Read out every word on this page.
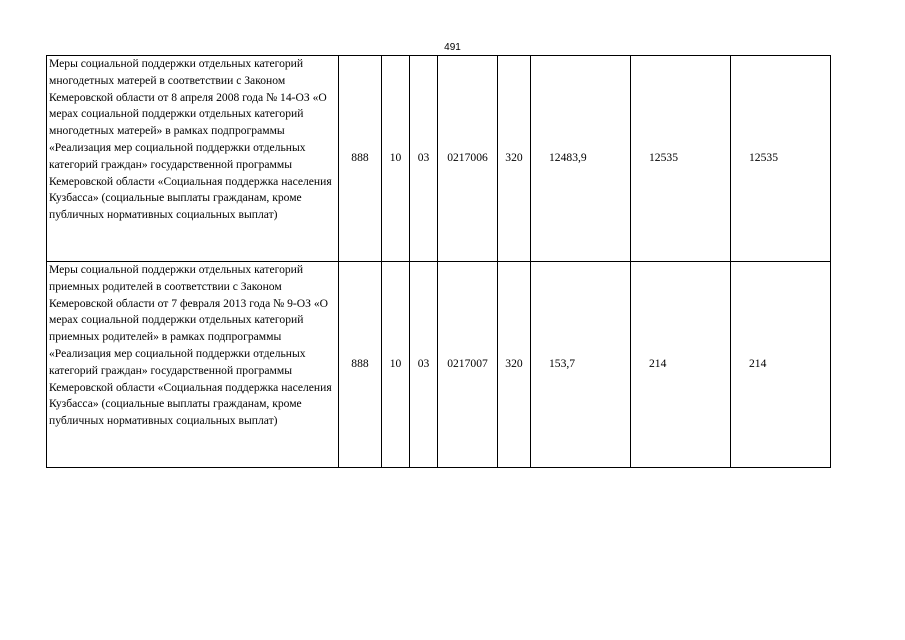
491
Меры социальной поддержки отдельных категорий многодетных матерей в соответствии с Законом Кемеровской области от 8 апреля 2008 года № 14-ОЗ «О мерах социальной поддержки отдельных категорий многодетных матерей» в рамках подпрограммы «Реализация мер социальной поддержки отдельных категорий граждан» государственной программы Кемеровской области «Социальная поддержка населения Кузбасса» (социальные выплаты гражданам, кроме публичных нормативных социальных выплат)	888	10	03	0217006	320	12483,9	12535	12535
Меры социальной поддержки отдельных категорий приемных родителей в соответствии с Законом Кемеровской области от 7 февраля 2013 года № 9-ОЗ «О мерах социальной поддержки отдельных категорий приемных родителей» в рамках подпрограммы «Реализация мер социальной поддержки отдельных категорий граждан» государственной программы Кемеровской области «Социальная поддержка населения Кузбасса» (социальные выплаты гражданам, кроме публичных нормативных социальных выплат)	888	10	03	0217007	320	153,7	214	214
